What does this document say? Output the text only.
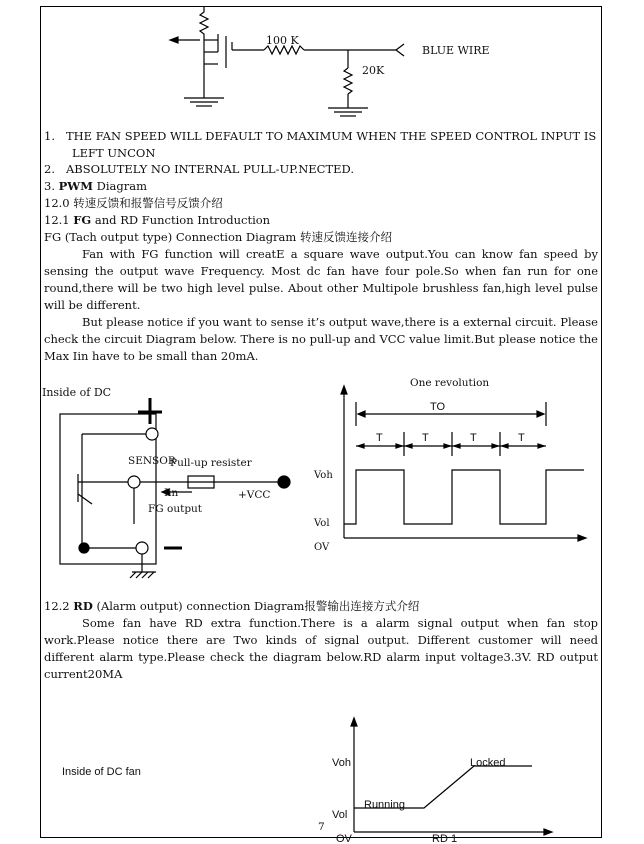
100 K
20K
BLUE WIRE
1. THE FAN SPEED WILL DEFAULT TO MAXIMUM WHEN THE SPEED CONTROL INPUT IS
LEFT UNCON
2. ABSOLUTELY NO INTERNAL PULL-UP.NECTED.
3. PWM Diagram
12.0 转速反馈和报警信号反馈介绍
12.1 FG and RD Function Introduction
FG (Tach output type) Connection Diagram 转速反馈连接介绍
Fan with FG function will creatE a square wave output.You can know fan speed by sensing the output wave Frequency. Most dc fan have four pole.So when fan run for one round,there will be two high level pulse. About other Multipole brushless fan,high level pulse will be different.
But please notice if you want to sense it’s output wave,there is a external circuit. Please check the circuit Diagram below. There is no pull-up and VCC value limit.But please notice the Max Iin have to be small than 20mA.
Inside of DC
SENSOR
Pull-up resister
Iin	+VCC
FG output
One revolution
TO
T	T	T	T
Voh
Vol
OV
12.2 RD (Alarm output) connection Diagram报警输出连接方式介绍
Some fan have RD extra function.There is a alarm signal output when fan stop work.Please notice there are Two kinds of signal output. Different customer will need different alarm type.Please check the diagram below.RD alarm input voltage3.3V. RD output current20MA
Inside of DC fan
Voh
Vol
Running
Locked
7
OV	RD 1
